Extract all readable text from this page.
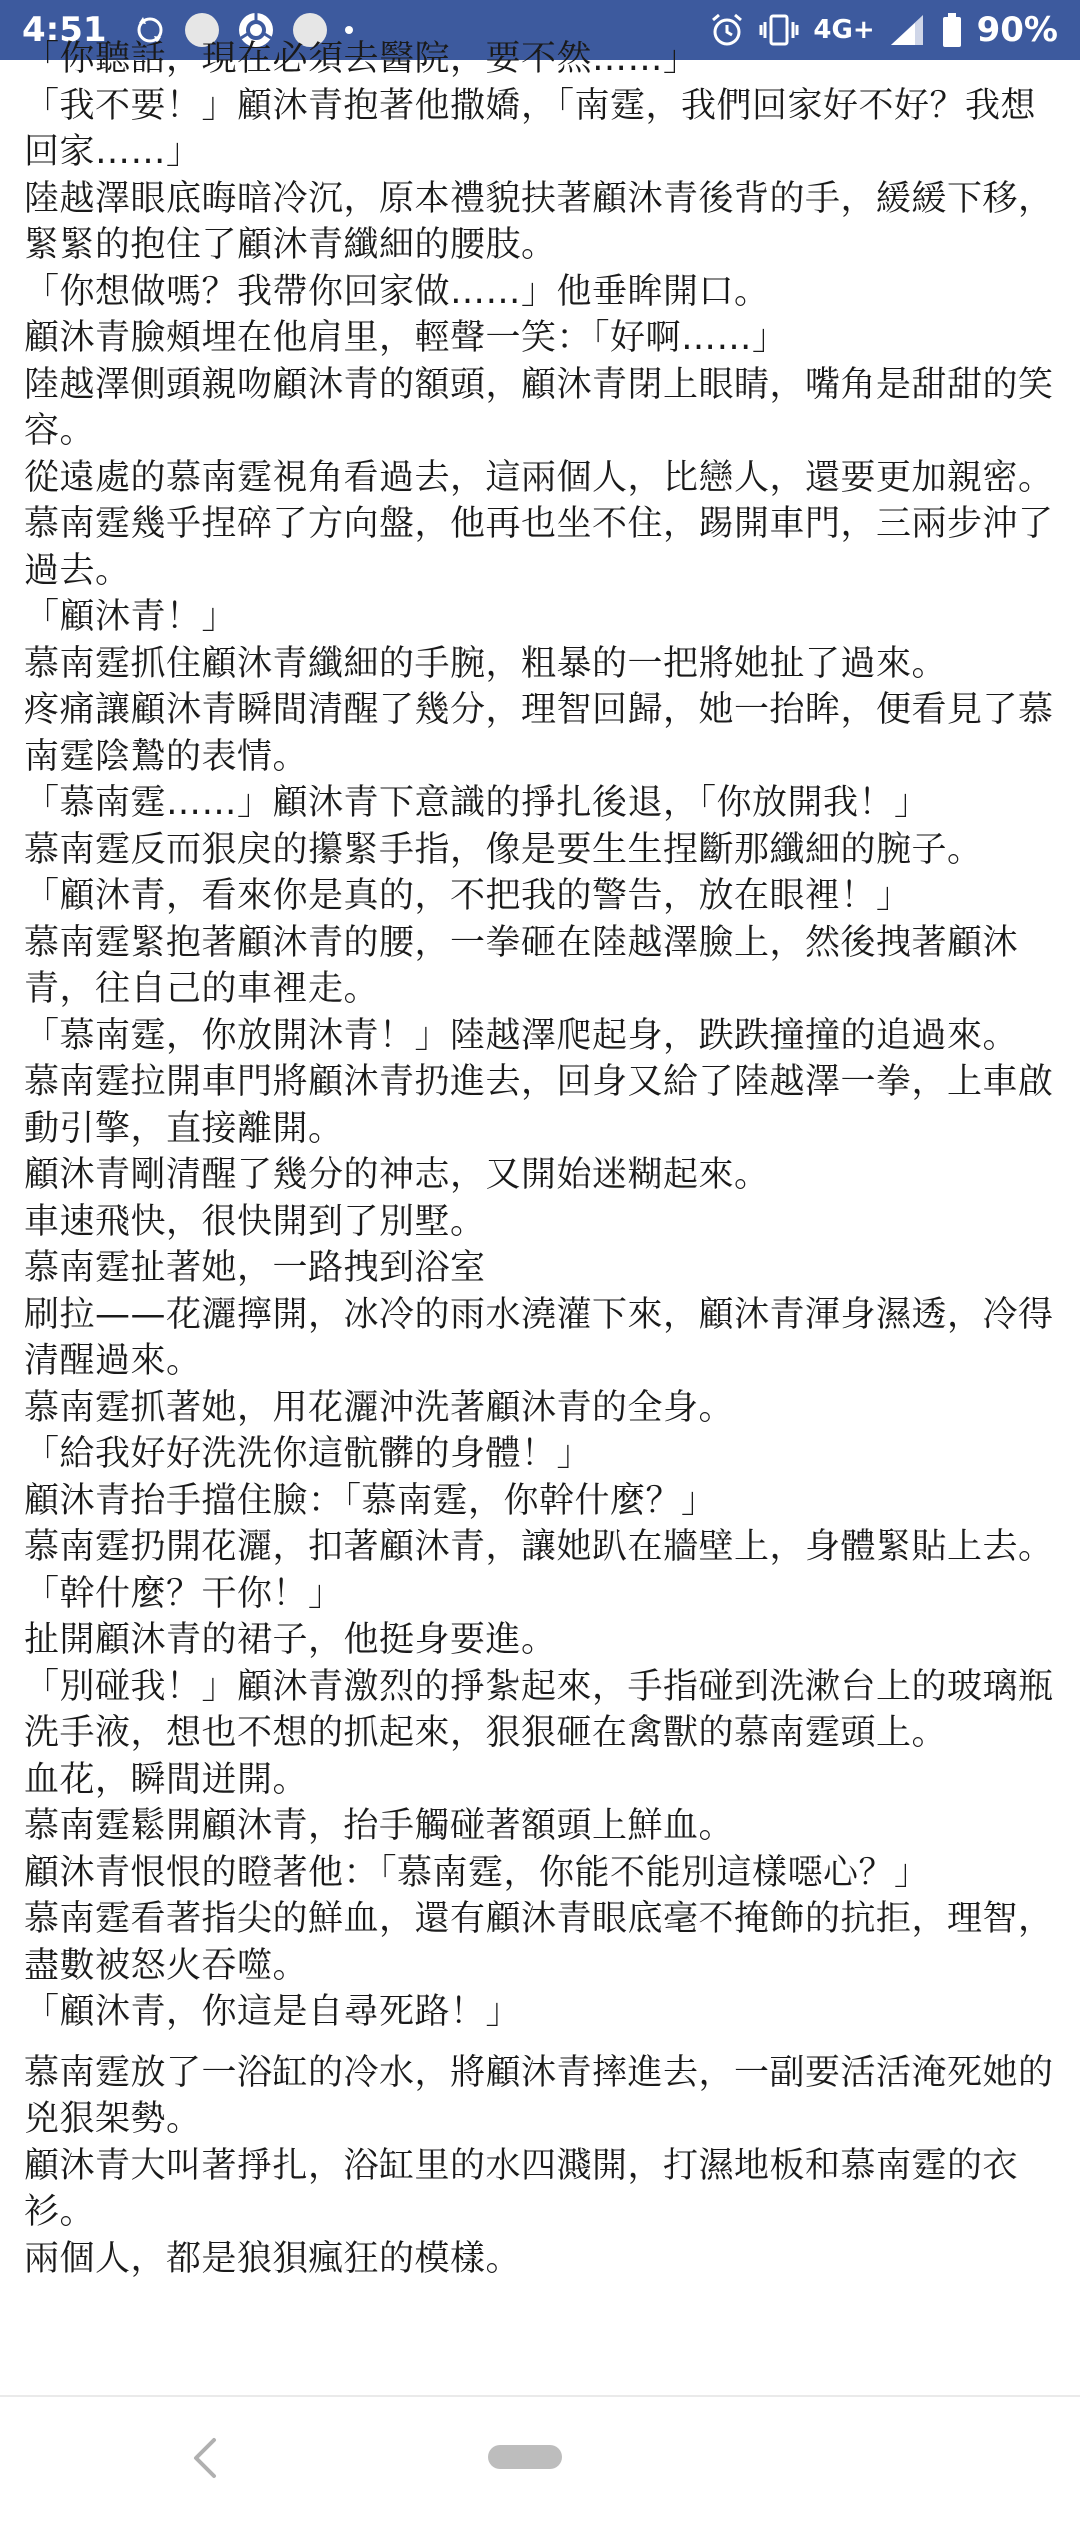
4:51	4G+	90%

「你聽話，現在必須去醫院，要不然……」

「我不要！」顧沐青抱著他撒嬌，「南霆，我們回家好不好？我想回家……」

陸越澤眼底晦暗冷沉，原本禮貌扶著顧沐青後背的手，緩緩下移，緊緊的抱住了顧沐青纖細的腰肢。

「你想做嗎？我帶你回家做……」他垂眸開口。

顧沐青臉頰埋在他肩里，輕聲一笑：「好啊……」

陸越澤側頭親吻顧沐青的額頭，顧沐青閉上眼睛，嘴角是甜甜的笑容。

從遠處的慕南霆視角看過去，這兩個人，比戀人，還要更加親密。

慕南霆幾乎捏碎了方向盤，他再也坐不住，踢開車門，三兩步沖了過去。

「顧沐青！」

慕南霆抓住顧沐青纖細的手腕，粗暴的一把將她扯了過來。

疼痛讓顧沐青瞬間清醒了幾分，理智回歸，她一抬眸，便看見了慕南霆陰鷙的表情。

「慕南霆……」顧沐青下意識的掙扎後退，「你放開我！」

慕南霆反而狠戾的攥緊手指，像是要生生捏斷那纖細的腕子。

「顧沐青，看來你是真的，不把我的警告，放在眼裡！」

慕南霆緊抱著顧沐青的腰，一拳砸在陸越澤臉上，然後拽著顧沐青，往自己的車裡走。

「慕南霆，你放開沐青！」陸越澤爬起身，跌跌撞撞的追過來。

慕南霆拉開車門將顧沐青扔進去，回身又給了陸越澤一拳，上車啟動引擎，直接離開。

顧沐青剛清醒了幾分的神志，又開始迷糊起來。

車速飛快，很快開到了別墅。

慕南霆扯著她，一路拽到浴室

刷拉——花灑擰開，冰冷的雨水澆灌下來，顧沐青渾身濕透，冷得清醒過來。

慕南霆抓著她，用花灑沖洗著顧沐青的全身。

「給我好好洗洗你這骯髒的身體！」

顧沐青抬手擋住臉：「慕南霆，你幹什麼？」

慕南霆扔開花灑，扣著顧沐青，讓她趴在牆壁上，身體緊貼上去。

「幹什麼？干你！」

扯開顧沐青的裙子，他挺身要進。

「別碰我！」顧沐青激烈的掙紮起來，手指碰到洗漱台上的玻璃瓶洗手液，想也不想的抓起來，狠狠砸在禽獸的慕南霆頭上。

血花，瞬間迸開。

慕南霆鬆開顧沐青，抬手觸碰著額頭上鮮血。

顧沐青恨恨的瞪著他：「慕南霆，你能不能別這樣噁心？」

慕南霆看著指尖的鮮血，還有顧沐青眼底毫不掩飾的抗拒，理智，盡數被怒火吞噬。

「顧沐青，你這是自尋死路！」

慕南霆放了一浴缸的冷水，將顧沐青摔進去，一副要活活淹死她的兇狠架勢。

顧沐青大叫著掙扎，浴缸里的水四濺開，打濕地板和慕南霆的衣衫。

兩個人，都是狼狽瘋狂的模樣。
